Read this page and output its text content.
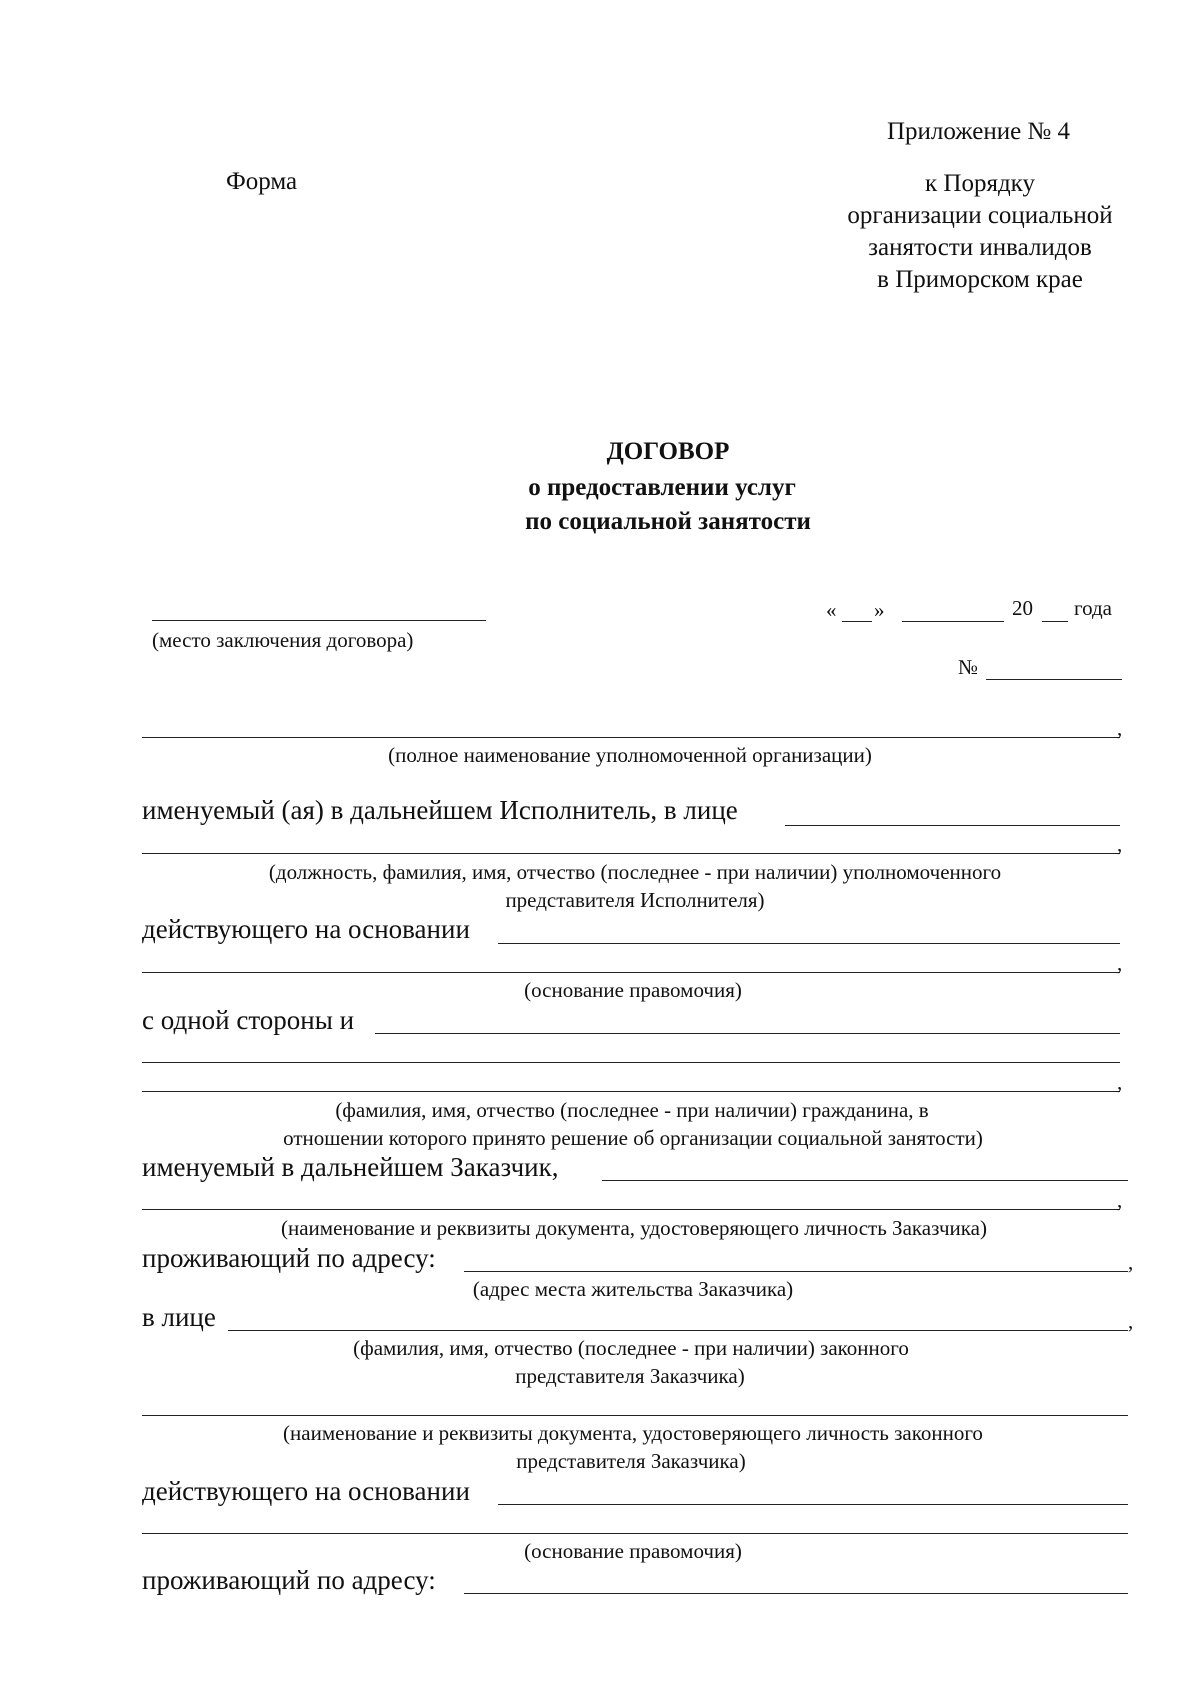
Приложение № 4
Форма	к Порядку
организации социальной
занятости инвалидов
в Приморском крае
ДОГОВОР
о предоставлении услуг
по социальной занятости
(место заключения договора)
« »	20 года
№
,
(полное наименование уполномоченной организации)
именуемый (ая) в дальнейшем Исполнитель, в лице
,
(должность, фамилия, имя, отчество (последнее - при наличии) уполномоченного
представителя Исполнителя)
действующего на основании
,
(основание правомочия)
с одной стороны и
,
(фамилия, имя, отчество (последнее - при наличии) гражданина, в
отношении которого принято решение об организации социальной занятости)
именуемый в дальнейшем Заказчик,
,
(наименование и реквизиты документа, удостоверяющего личность Заказчика)
проживающий по адресу:	,
(адрес места жительства Заказчика)
в лице	,
(фамилия, имя, отчество (последнее - при наличии) законного
представителя Заказчика)
(наименование и реквизиты документа, удостоверяющего личность законного
представителя Заказчика)
действующего на основании
(основание правомочия)
проживающий по адресу:
